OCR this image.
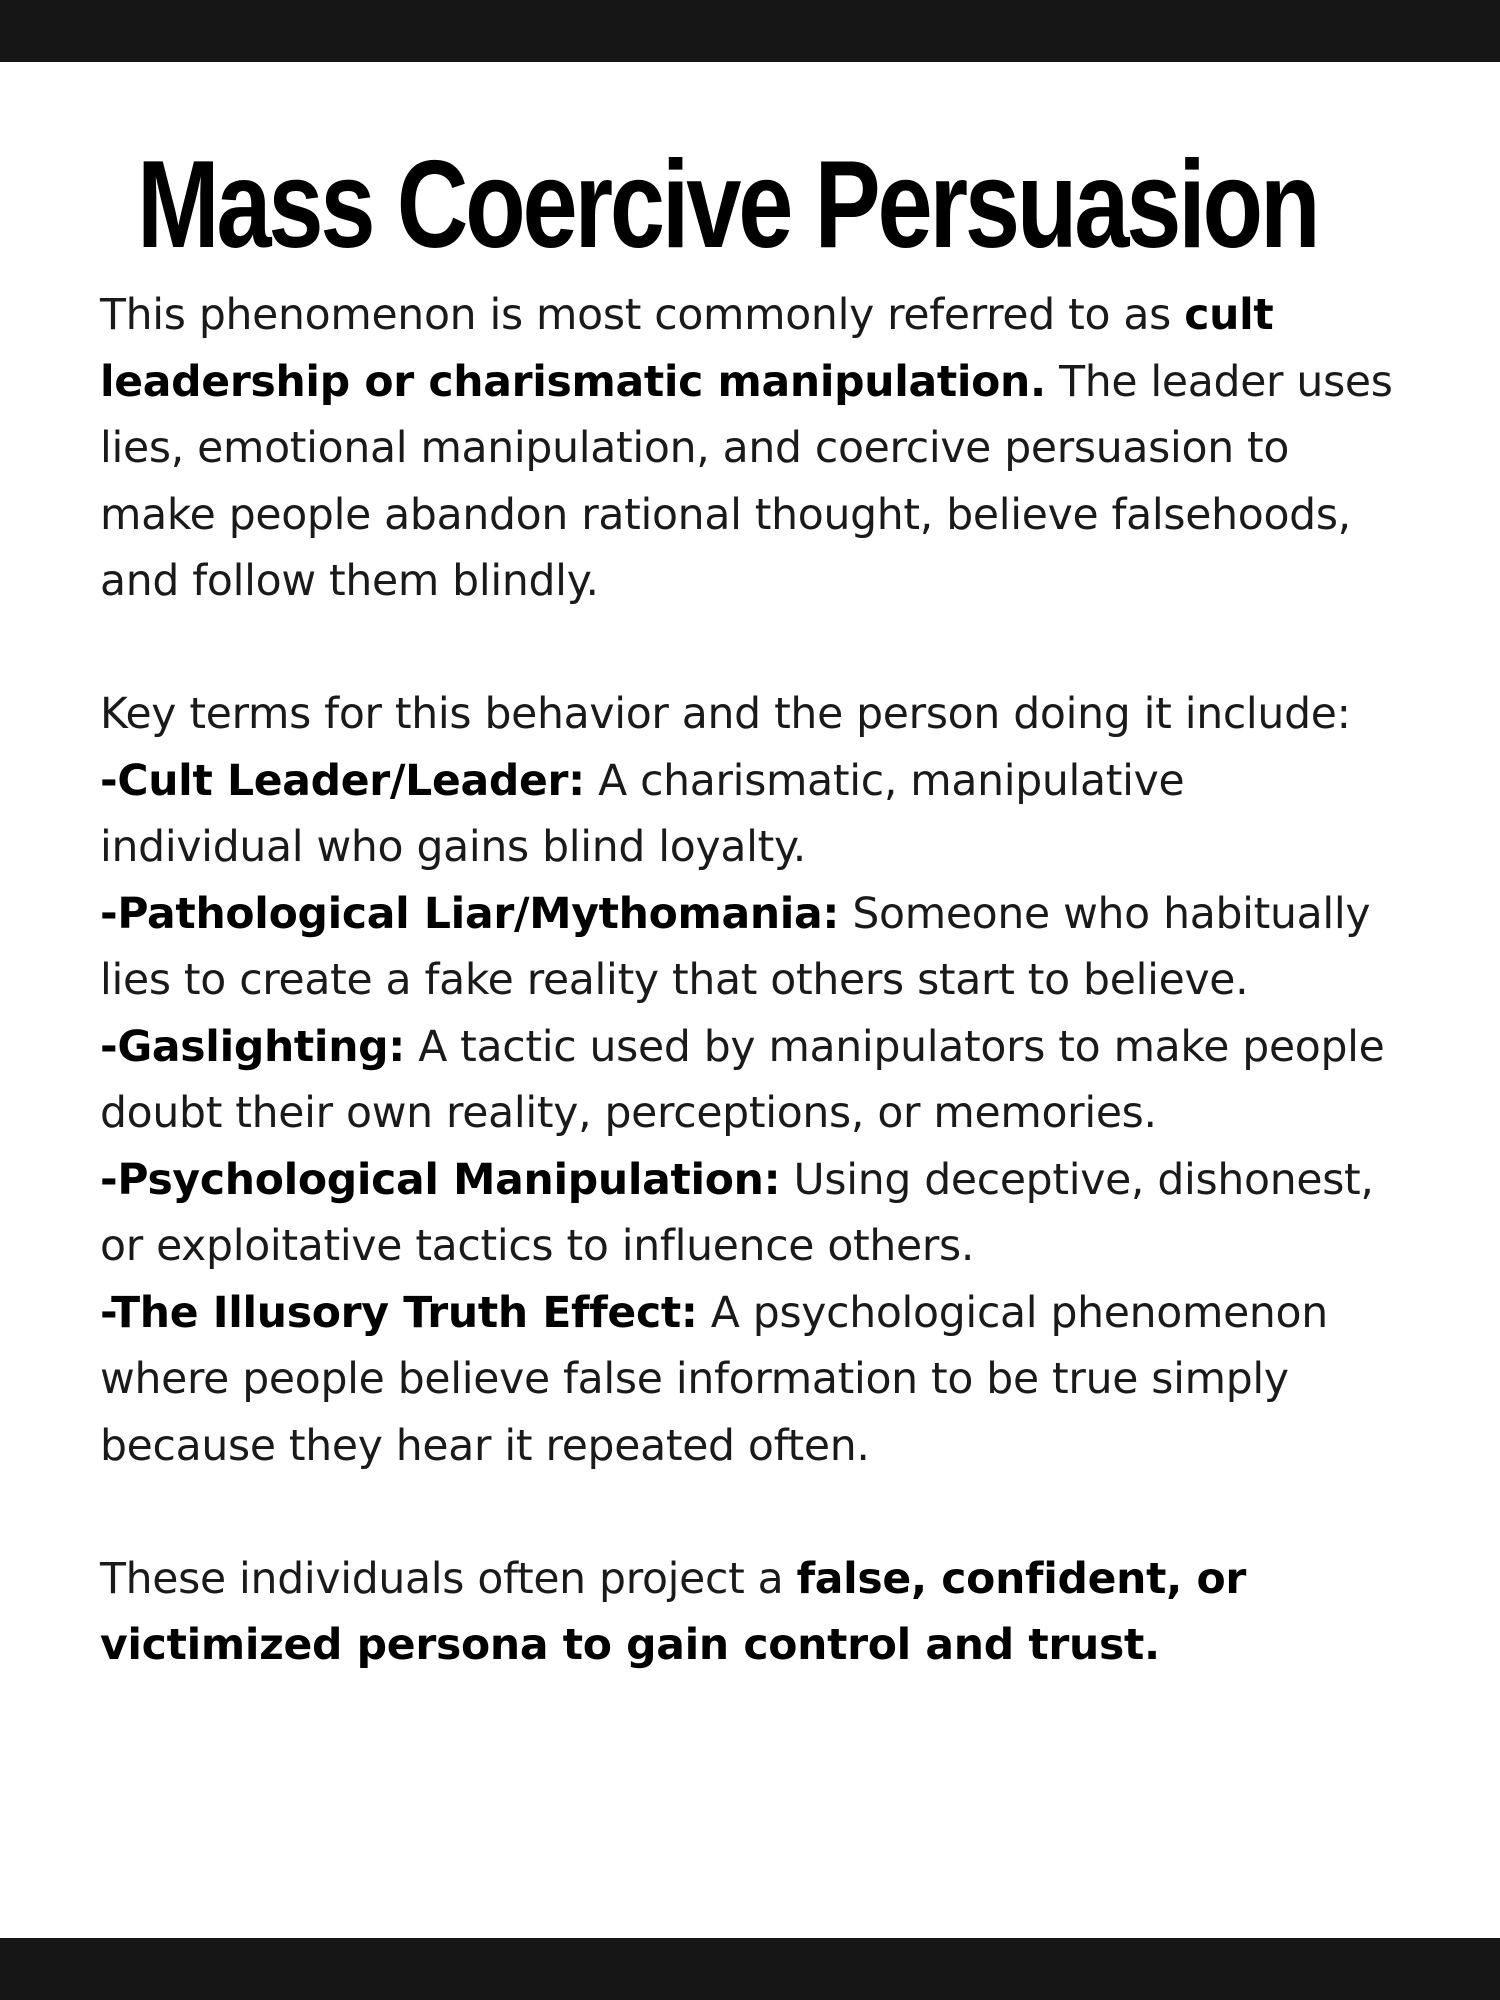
Mass Coercive Persuasion

This phenomenon is most commonly referred to as cult leadership or charismatic manipulation. The leader uses lies, emotional manipulation, and coercive persuasion to make people abandon rational thought, believe falsehoods, and follow them blindly.

Key terms for this behavior and the person doing it include:

-Cult Leader/Leader: A charismatic, manipulative individual who gains blind loyalty.

-Pathological Liar/Mythomania: Someone who habitually lies to create a fake reality that others start to believe.

-Gaslighting: A tactic used by manipulators to make people doubt their own reality, perceptions, or memories.

-Psychological Manipulation: Using deceptive, dishonest, or exploitative tactics to influence others.

-The Illusory Truth Effect: A psychological phenomenon where people believe false information to be true simply because they hear it repeated often.

These individuals often project a false, confident, or victimized persona to gain control and trust.
